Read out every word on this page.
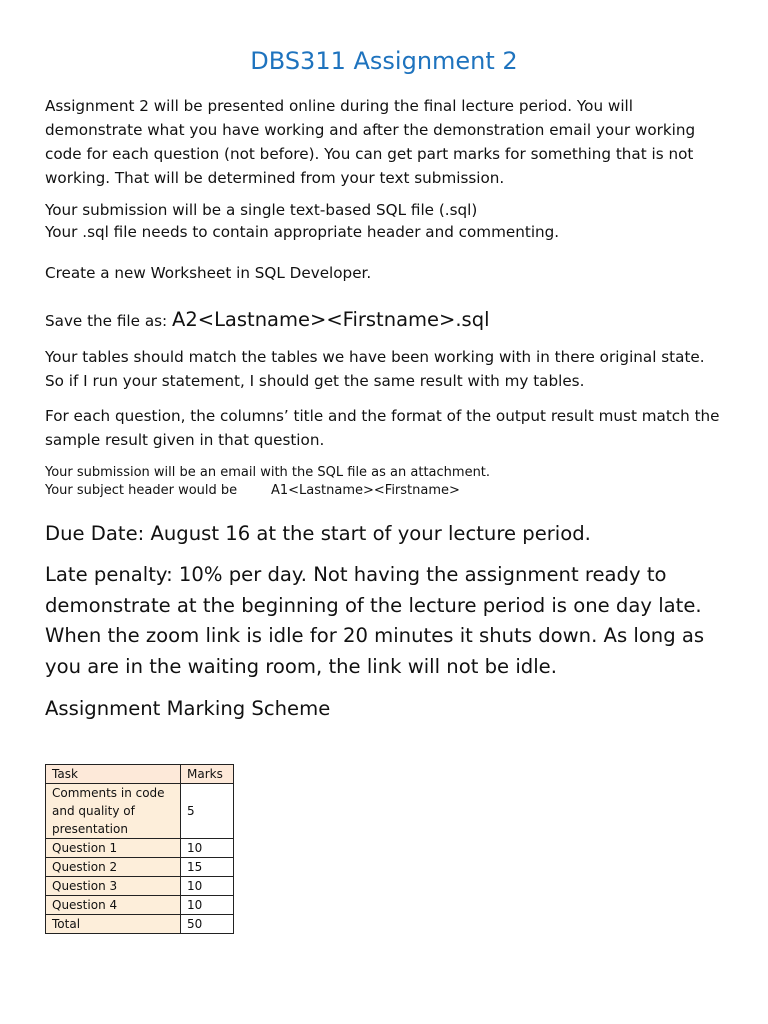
DBS311 Assignment 2

Assignment 2 will be presented online during the final lecture period. You will demonstrate what you have working and after the demonstration email your working code for each question (not before). You can get part marks for something that is not working. That will be determined from your text submission.

Your submission will be a single text-based SQL file (.sql)

Your .sql file needs to contain appropriate header and commenting.

Create a new Worksheet in SQL Developer.

Save the file as: A2<Lastname><Firstname>.sql

Your tables should match the tables we have been working with in there original state. So if I run your statement, I should get the same result with my tables.

For each question, the columns’ title and the format of the output result must match the sample result given in that question.

Your submission will be an email with the SQL file as an attachment.

Your subject header would be	A1<Lastname><Firstname>

Due Date: August 16 at the start of your lecture period.

Late penalty: 10% per day. Not having the assignment ready to demonstrate at the beginning of the lecture period is one day late. When the zoom link is idle for 20 minutes it shuts down. As long as you are in the waiting room, the link will not be idle.

Assignment Marking Scheme

Task	Marks
Comments in code and quality of presentation	5
Question 1	10
Question 2	15
Question 3	10
Question 4	10
Total	50
